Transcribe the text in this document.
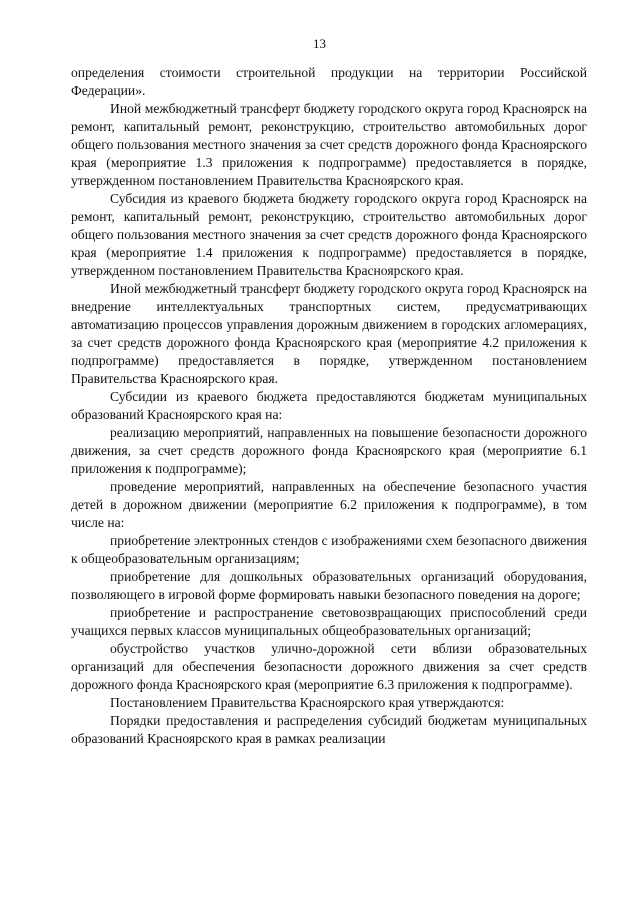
13

определения стоимости строительной продукции на территории Российской Федерации».

Иной межбюджетный трансферт бюджету городского округа город Красноярск на ремонт, капитальный ремонт, реконструкцию, строительство автомобильных дорог общего пользования местного значения за счет средств дорожного фонда Красноярского края (мероприятие 1.3 приложения к подпрограмме) предоставляется в порядке, утвержденном постановлением Правительства Красноярского края.

Субсидия из краевого бюджета бюджету городского округа город Красноярск на ремонт, капитальный ремонт, реконструкцию, строительство автомобильных дорог общего пользования местного значения за счет средств дорожного фонда Красноярского края (мероприятие 1.4 приложения к подпрограмме) предоставляется в порядке, утвержденном постановлением Правительства Красноярского края.

Иной межбюджетный трансферт бюджету городского округа город Красноярск на внедрение интеллектуальных транспортных систем, предусматривающих автоматизацию процессов управления дорожным движением в городских агломерациях, за счет средств дорожного фонда Красноярского края (мероприятие 4.2 приложения к подпрограмме) предоставляется в порядке, утвержденном постановлением Правительства Красноярского края.

Субсидии из краевого бюджета предоставляются бюджетам муниципальных образований Красноярского края на:

реализацию мероприятий, направленных на повышение безопасности дорожного движения, за счет средств дорожного фонда Красноярского края (мероприятие 6.1 приложения к подпрограмме);

проведение мероприятий, направленных на обеспечение безопасного участия детей в дорожном движении (мероприятие 6.2 приложения к подпрограмме), в том числе на:

приобретение электронных стендов с изображениями схем безопасного движения к общеобразовательным организациям;

приобретение для дошкольных образовательных организаций оборудования, позволяющего в игровой форме формировать навыки безопасного поведения на дороге;

приобретение и распространение световозвращающих приспособлений среди учащихся первых классов муниципальных общеобразовательных организаций;

обустройство участков улично-дорожной сети вблизи образовательных организаций для обеспечения безопасности дорожного движения за счет средств дорожного фонда Красноярского края (мероприятие 6.3 приложения к подпрограмме).

Постановлением Правительства Красноярского края утверждаются:

Порядки предоставления и распределения субсидий бюджетам муниципальных образований Красноярского края в рамках реализации
